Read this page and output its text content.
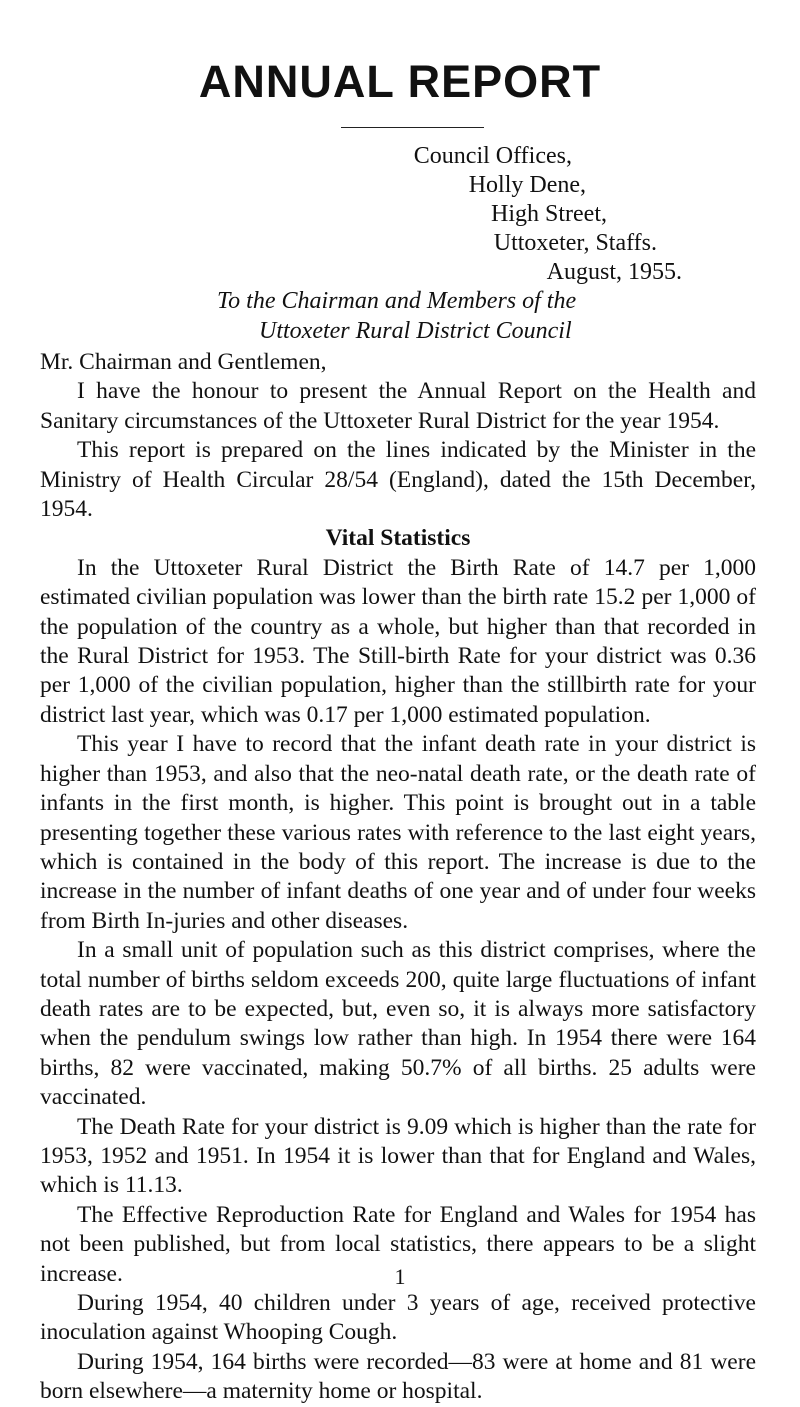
ANNUAL REPORT
Council Offices,
Holly Dene,
High Street,
Uttoxeter, Staffs.
August, 1955.
To the Chairman and Members of the
Uttoxeter Rural District Council

Mr. Chairman and Gentlemen,

I have the honour to present the Annual Report on the Health and Sanitary circumstances of the Uttoxeter Rural District for the year 1954.

This report is prepared on the lines indicated by the Minister in the Ministry of Health Circular 28/54 (England), dated the 15th December, 1954.

Vital Statistics

In the Uttoxeter Rural District the Birth Rate of 14.7 per 1,000 estimated civilian population was lower than the birth rate 15.2 per 1,000 of the population of the country as a whole, but higher than that recorded in the Rural District for 1953. The Still-birth Rate for your district was 0.36 per 1,000 of the civilian population, higher than the stillbirth rate for your district last year, which was 0.17 per 1,000 estimated population.

This year I have to record that the infant death rate in your district is higher than 1953, and also that the neo-natal death rate, or the death rate of infants in the first month, is higher. This point is brought out in a table presenting together these various rates with reference to the last eight years, which is contained in the body of this report. The increase is due to the increase in the number of infant deaths of one year and of under four weeks from Birth In-juries and other diseases.

In a small unit of population such as this district comprises, where the total number of births seldom exceeds 200, quite large fluctuations of infant death rates are to be expected, but, even so, it is always more satisfactory when the pendulum swings low rather than high. In 1954 there were 164 births, 82 were vaccinated, making 50.7% of all births. 25 adults were vaccinated.

The Death Rate for your district is 9.09 which is higher than the rate for 1953, 1952 and 1951. In 1954 it is lower than that for England and Wales, which is 11.13.

The Effective Reproduction Rate for England and Wales for 1954 has not been published, but from local statistics, there appears to be a slight increase.

During 1954, 40 children under 3 years of age, received protective inoculation against Whooping Cough.

During 1954, 164 births were recorded—83 were at home and 81 were born elsewhere—a maternity home or hospital.

1
